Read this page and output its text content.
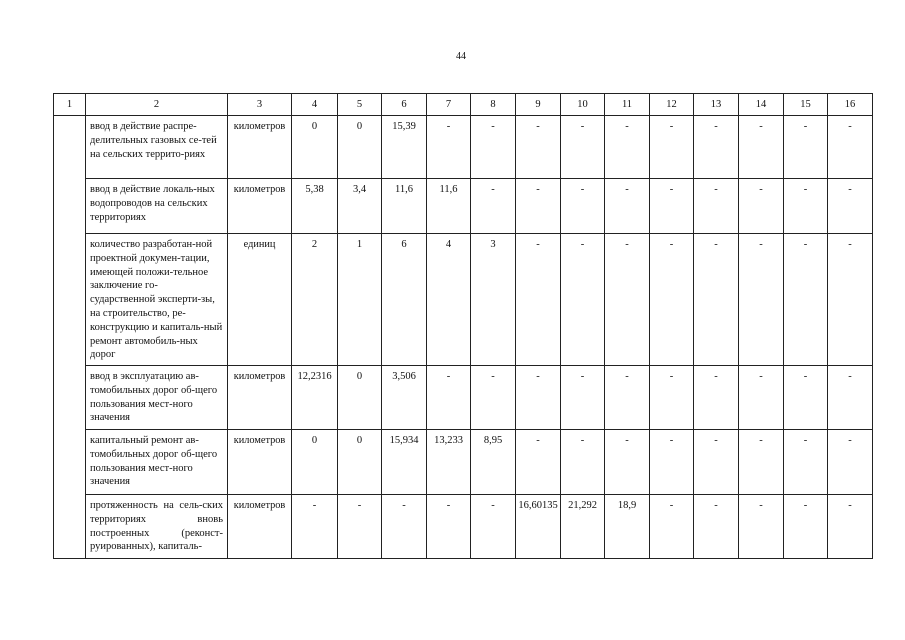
44
1	2	3	4	5	6	7	8	9	10	11	12	13	14	15	16
	ввод в действие распре-делительных газовых се-тей на сельских террито-риях	километров	0	0	15,39	-	-	-	-	-	-	-	-	-	-
	ввод в действие локаль-ных водопроводов на сельских территориях	километров	5,38	3,4	11,6	11,6	-	-	-	-	-	-	-	-	-
	количество разработан-ной проектной докумен-тации, имеющей положи-тельное заключение го-сударственной эксперти-зы, на строительство, ре-конструкцию и капиталь-ный ремонт автомобиль-ных дорог	единиц	2	1	6	4	3	-	-	-	-	-	-	-	-
	ввод в эксплуатацию ав-томобильных дорог об-щего пользования мест-ного значения	километров	12,2316	0	3,506	-	-	-	-	-	-	-	-	-	-
	капитальный ремонт ав-томобильных дорог об-щего пользования мест-ного значения	километров	0	0	15,934	13,233	8,95	-	-	-	-	-	-	-	-
	протяженность на сель-ских территориях вновь построенных (реконст-руированных), капиталь-	километров	-	-	-	-	-	16,60135	21,292	18,9	-	-	-	-	-
